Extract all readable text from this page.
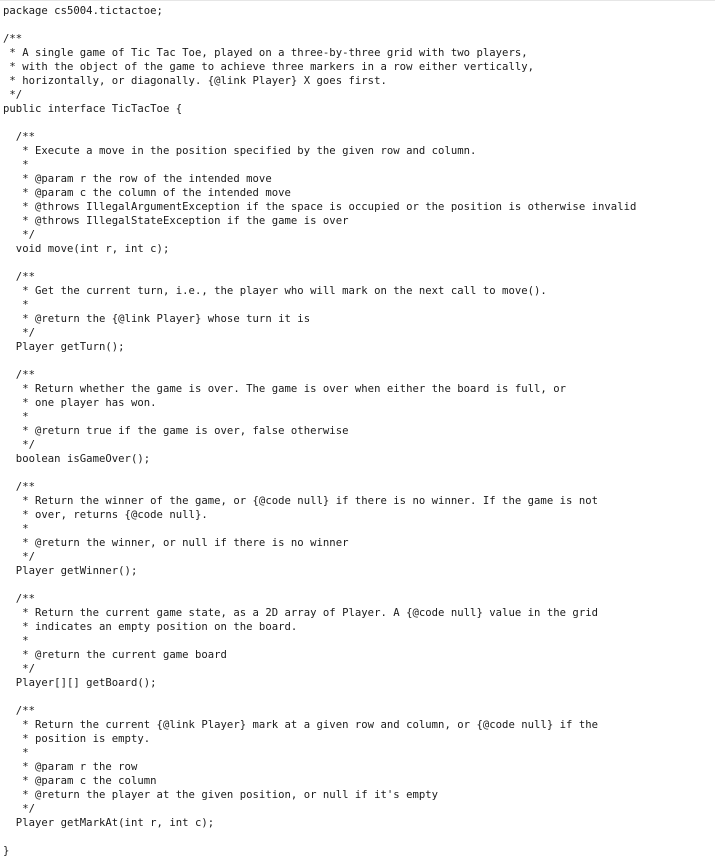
package cs5004.tictactoe;
/**
* A single game of Tic Tac Toe, played on a three-by-three grid with two players,
* with the object of the game to achieve three markers in a row either vertically,
* horizontally, or diagonally. {@link Player} X goes first.
*/
public interface TicTacToe {
/**
* Execute a move in the position specified by the given row and column.
*
* @param r the row of the intended move
* @param c the column of the intended move
* @throws IllegalArgumentException if the space is occupied or the position is otherwise invalid
* @throws IllegalStateException if the game is over
*/
void move(int r, int c);
/**
* Get the current turn, i.e., the player who will mark on the next call to move().
*
* @return the {@link Player} whose turn it is
*/
Player getTurn();
/**
* Return whether the game is over. The game is over when either the board is full, or
* one player has won.
*
* @return true if the game is over, false otherwise
*/
boolean isGameOver();
/**
* Return the winner of the game, or {@code null} if there is no winner. If the game is not
* over, returns {@code null}.
*
* @return the winner, or null if there is no winner
*/
Player getWinner();
/**
* Return the current game state, as a 2D array of Player. A {@code null} value in the grid
* indicates an empty position on the board.
*
* @return the current game board
*/
Player[][] getBoard();
/**
* Return the current {@link Player} mark at a given row and column, or {@code null} if the
* position is empty.
*
* @param r the row
* @param c the column
* @return the player at the given position, or null if it's empty
*/
Player getMarkAt(int r, int c);
}
